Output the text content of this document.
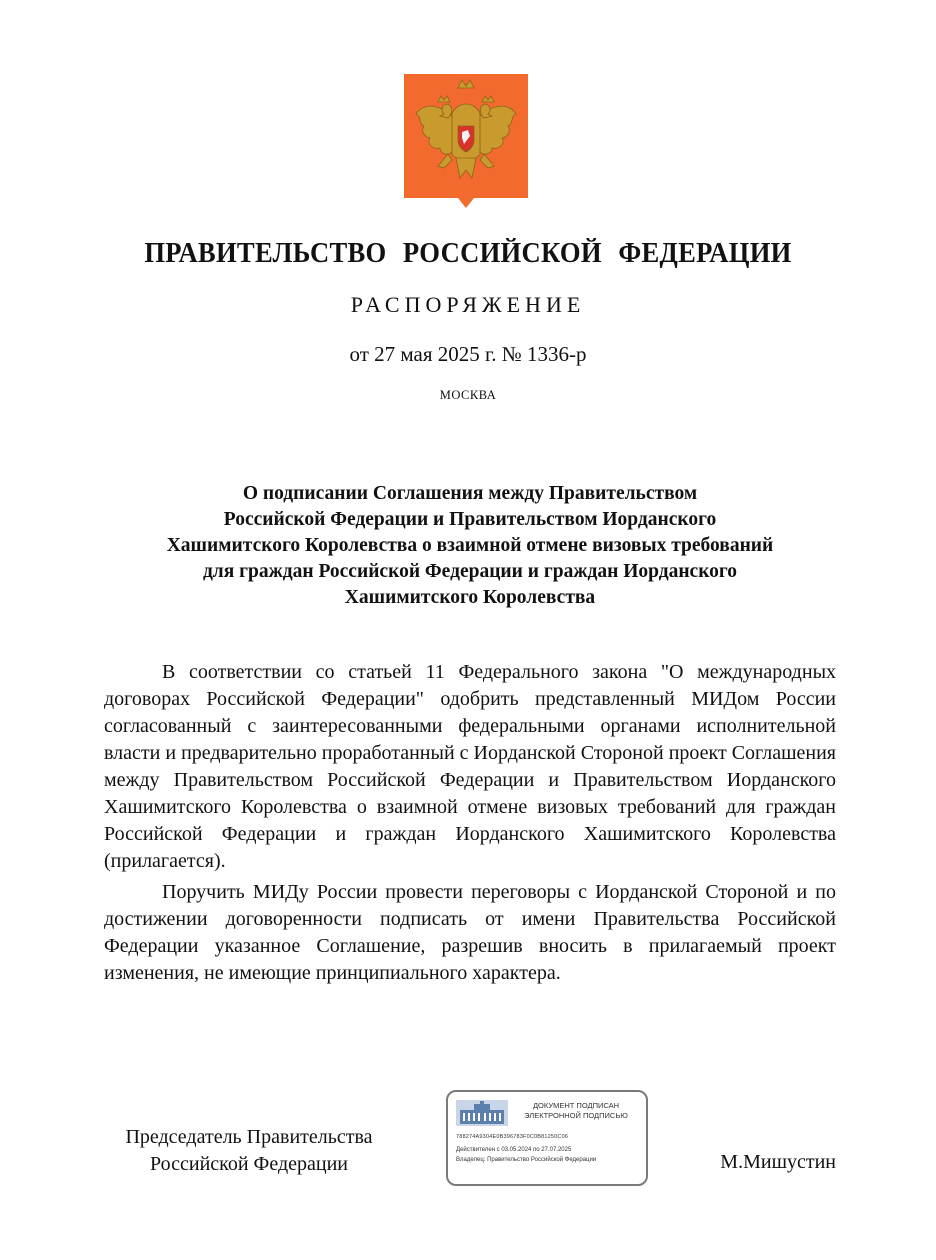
ПРАВИТЕЛЬСТВО РОССИЙСКОЙ ФЕДЕРАЦИИ
РАСПОРЯЖЕНИЕ
от 27 мая 2025 г. № 1336-р
МОСКВА
О подписании Соглашения между Правительством
Российской Федерации и Правительством Иорданского
Хашимитского Королевства о взаимной отмене визовых требований
для граждан Российской Федерации и граждан Иорданского
Хашимитского Королевства

В соответствии со статьей 11 Федерального закона "О международных договорах Российской Федерации" одобрить представленный МИДом России согласованный с заинтересованными федеральными органами исполнительной власти и предварительно проработанный с Иорданской Стороной проект Соглашения между Правительством Российской Федерации и Правительством Иорданского Хашимитского Королевства о взаимной отмене визовых требований для граждан Российской Федерации и граждан Иорданского Хашимитского Королевства (прилагается).

Поручить МИДу России провести переговоры с Иорданской Стороной и по достижении договоренности подписать от имени Правительства Российской Федерации указанное Соглашение, разрешив вносить в прилагаемый проект изменения, не имеющие принципиального характера.

Председатель Правительства
Российской Федерации
ДОКУМЕНТ ПОДПИСАН
ЭЛЕКТРОННОЙ ПОДПИСЬЮ
788274A9304E0B396783F0C0B81250C06
Действителен с 03.05.2024 по 27.07.2025
Владелец: Правительство Российской Федерации	М.Мишустин
